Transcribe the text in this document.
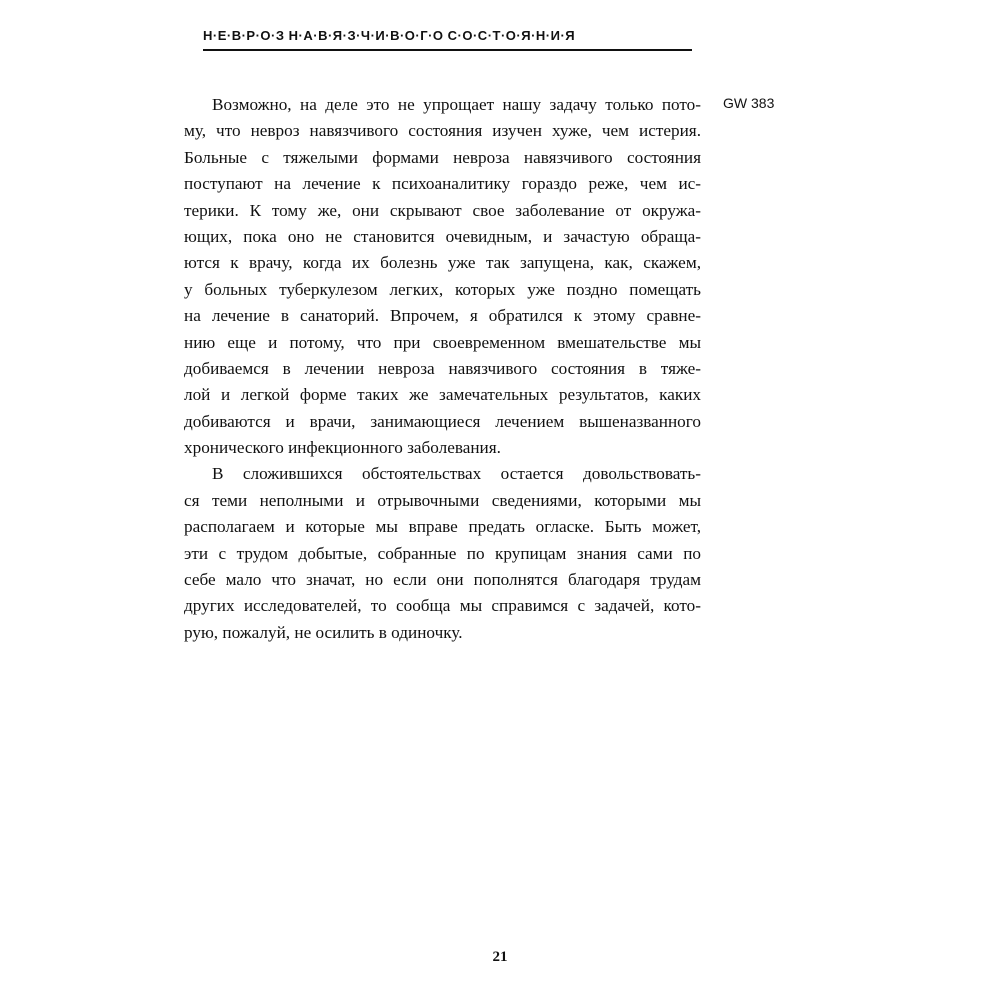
Н·Е·В·Р·О·З Н·А·В·Я·З·Ч·И·В·О·Г·О С·О·С·Т·О·Я·Н·И·Я
GW 383
Возможно, на деле это не упрощает нашу задачу только пото-
му, что невроз навязчивого состояния изучен хуже, чем истерия.
Больные с тяжелыми формами невроза навязчивого состояния
поступают на лечение к психоаналитику гораздо реже, чем ис-
терики. К тому же, они скрывают свое заболевание от окружа-
ющих, пока оно не становится очевидным, и зачастую обраща-
ются к врачу, когда их болезнь уже так запущена, как, скажем,
у больных туберкулезом легких, которых уже поздно помещать
на лечение в санаторий. Впрочем, я обратился к этому сравне-
нию еще и потому, что при своевременном вмешательстве мы
добиваемся в лечении невроза навязчивого состояния в тяже-
лой и легкой форме таких же замечательных результатов, каких
добиваются и врачи, занимающиеся лечением вышеназванного
хронического инфекционного заболевания.
В сложившихся обстоятельствах остается довольствовать-
ся теми неполными и отрывочными сведениями, которыми мы
располагаем и которые мы вправе предать огласке. Быть может,
эти с трудом добытые, собранные по крупицам знания сами по
себе мало что значат, но если они пополнятся благодаря трудам
других исследователей, то сообща мы справимся с задачей, кото-
рую, пожалуй, не осилить в одиночку.
21
